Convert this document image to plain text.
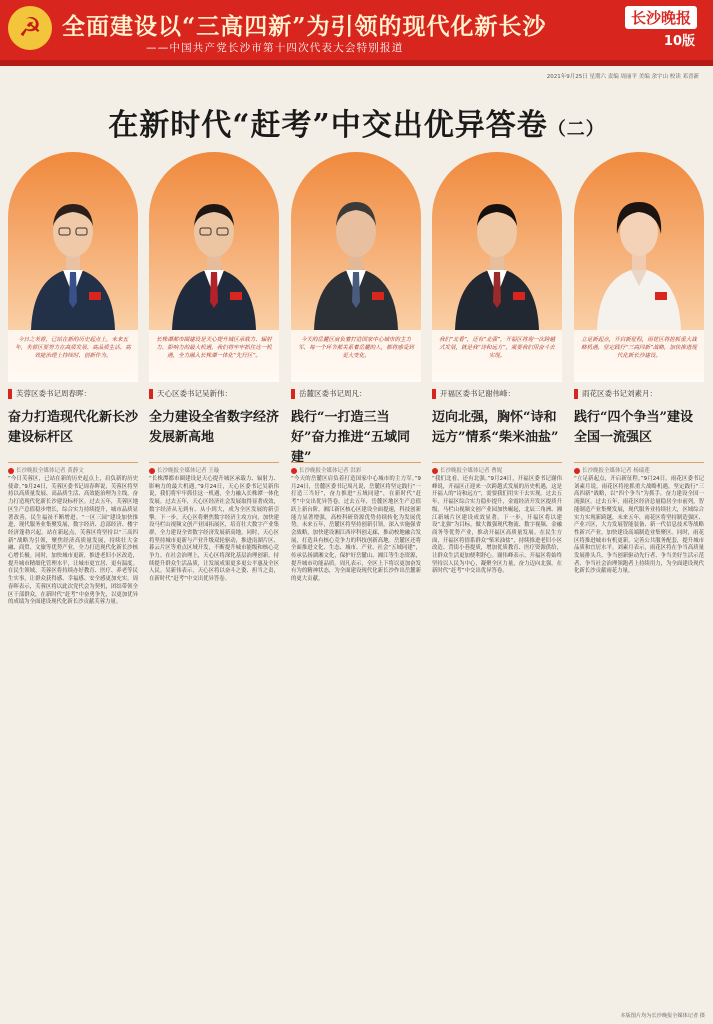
☭ 全面建设以“三高四新”为引领的现代化新长沙
——中国共产党长沙市第十四次代表大会特别报道
长沙晚报
10版
2021年9月25日 星期六 责编 周丽平 美编 余宇山 校读 邓晋新
在新时代“赶考”中交出优异答卷（二）
今日之芙蓉，已站在新的历史起点上，未来五年，芙蓉区要努力在高质发展、高品质生活、高效能治理上持续时、创新作为。
芙蓉区委书记周春晖：
奋力打造现代化新长沙建设标杆区
长沙晚报全媒体记者 黄静文
“今日芙蓉区，已站在新的历史起点上，肩负新的历史使命。”9月24日，芙蓉区委书记周春晖说，芙蓉区将坚持以高质量发展、高品质生活、高效能治理为主线，奋力打造现代化新长沙建设标杆区。过去五年，芙蓉区地区生产总值稳步增长，综合实力持续提升，城市品质显著改善，民生福祉不断增进。“一区三园”建设加快推进，现代服务业集聚发展，数字经济、总部经济、楼宇经济蓬勃兴起。站在新起点，芙蓉区将坚持以“三高四新”战略为引领，聚焦经济高质量发展，持续壮大金融、商贸、文旅等优势产业，全力打造现代化新长沙核心增长极。同时，加快城市更新，推进老旧小区改造，提升城市精细化管理水平，让城市更宜居、更有温度。在民生领域，芙蓉区将持续办好教育、医疗、养老等民生实事，让群众获得感、幸福感、安全感更加充实。周春晖表示，芙蓉区将以此次党代会为契机，团结带领全区干部群众，在新时代“赶考”中奋勇争先，以更加优异的成绩为全面建设现代化新长沙贡献芙蓉力量。
长株潭都市圈建设是天心提升城区承载力、辐射力、影响力的最大机遇，我们将牢牢抓住这一机遇，全力融入长株潭一体化“先行区”。
天心区委书记吴新伟：
全力建设全省数字经济发展新高地
长沙晚报全媒体记者 王璇
“长株潭都市圈建设是天心提升城区承载力、辐射力、影响力的最大机遇。”9月24日，天心区委书记吴新伟说，我们将牢牢抓住这一机遇，全力融入长株潭一体化发展。过去五年，天心区经济社会发展取得显著成效，数字经济从无到有、从小到大，成为全区发展的新引擎。下一步，天心区将聚焦数字经济主攻方向，加快建设马栏山视频文创产业园拓展区，培育壮大数字产业集群，全力建设全省数字经济发展新高地。同时，天心区将坚持城市更新与产业升级双轮驱动，推进南湖片区、暮云片区等重点区域开发，不断提升城市能级和核心竞争力。在社会治理上，天心区将深化基层治理创新，持续提升群众生活品质，让发展成果更多更公平惠及全区人民。吴新伟表示，天心区将以奋斗之姿、担当之责，在新时代“赶考”中交出优异答卷。
今天的岳麓区肩负着打造国家中心城市的主力军，每一个环节都关系着岳麓的人，都将感受到更大变化。
岳麓区委书记周凡：
践行“一打造三当好”奋力推进“五域同建”
长沙晚报全媒体记者 洪彩
“今天的岳麓区肩负着打造国家中心城市的主力军。”9月24日，岳麓区委书记周凡说，岳麓区将坚定践行“一打造三当好”，奋力推进“五域同建”，在新时代“赶考”中交出优异答卷。过去五年，岳麓区地区生产总值跃上新台阶，湘江新区核心区建设全面提速，科技创新能力显著增强，高校科研资源优势持续转化为发展优势。未来五年，岳麓区将坚持创新引领，深入实施强省会战略，加快建设湘江西岸科创走廊，推动校地融合发展，打造具有核心竞争力的科技创新高地。岳麓区还将全面推进文化、生态、城市、产业、社会“五域同建”，传承弘扬湖湘文化，保护好岳麓山、湘江等生态资源，提升城市功能品质。周凡表示，全区上下将以更加奋发有为的精神状态，为全面建设现代化新长沙作出岳麓新的更大贡献。
我们“北看”，还有“北强”，开福区将迎一次跨越式发展，就是我“诗和远方”，需要我们用奋斗去实现。
开福区委书记谢伟峰：
迈向北强，胸怀“诗和远方”情系“柴米油盐”
长沙晚报全媒体记者 曹妮
“我们北看，还有北强。”9月24日，开福区委书记谢伟峰说，开福区正迎来一次跨越式发展的历史机遇，这是开福人的“诗和远方”，需要我们用实干去实现。过去五年，开福区综合实力稳步提升，金霞经济开发区提质升级，马栏山视频文创产业园加快崛起，北辰三角洲、湘江新城片区建设成效显著。下一步，开福区将以建设“北强”为目标，做大做强现代物流、数字视频、金融商务等优势产业，推动开福区高质量发展。在民生方面，开福区将情系群众“柴米油盐”，持续推进老旧小区改造、背街小巷提质，增加优质教育、医疗资源供给，让群众生活更加便利舒心。谢伟峰表示，开福区将始终坚持以人民为中心，凝聚全区力量，奋力迈向北强，在新时代“赶考”中交出优异答卷。
立足新起点，开启新征程，雨花区将抢抓重大战略机遇，坚定践行“三高四新”战略，加快推进现代化新长沙建设。
雨花区委书记刘素月：
践行“四个争当”建设全国一流强区
长沙晚报全媒体记者 杨瑞莲
“立足新起点，开启新征程。”9月24日，雨花区委书记刘素月说，雨花区将抢抓重大战略机遇，坚定践行“三高四新”战略，以“四个争当”为抓手，奋力建设全国一流强区。过去五年，雨花区经济总量稳居全市前列，智能制造产业集聚发展，现代服务业持续壮大，区域综合实力实现新跨越。未来五年，雨花区将坚持制造强区、产业兴区，大力发展智能装备、新一代信息技术等战略性新兴产业，加快建设高端制造业集聚区。同时，雨花区将推进城市有机更新，完善公共服务配套，提升城市品质和宜居水平。刘素月表示，雨花区将在争当高质量发展排头兵、争当创新驱动先行者、争当美好生活示范者、争当社会治理领跑者上持续用力，为全面建设现代化新长沙贡献雨花力量。
本版图片均为长沙晚报全媒体记者 摄
